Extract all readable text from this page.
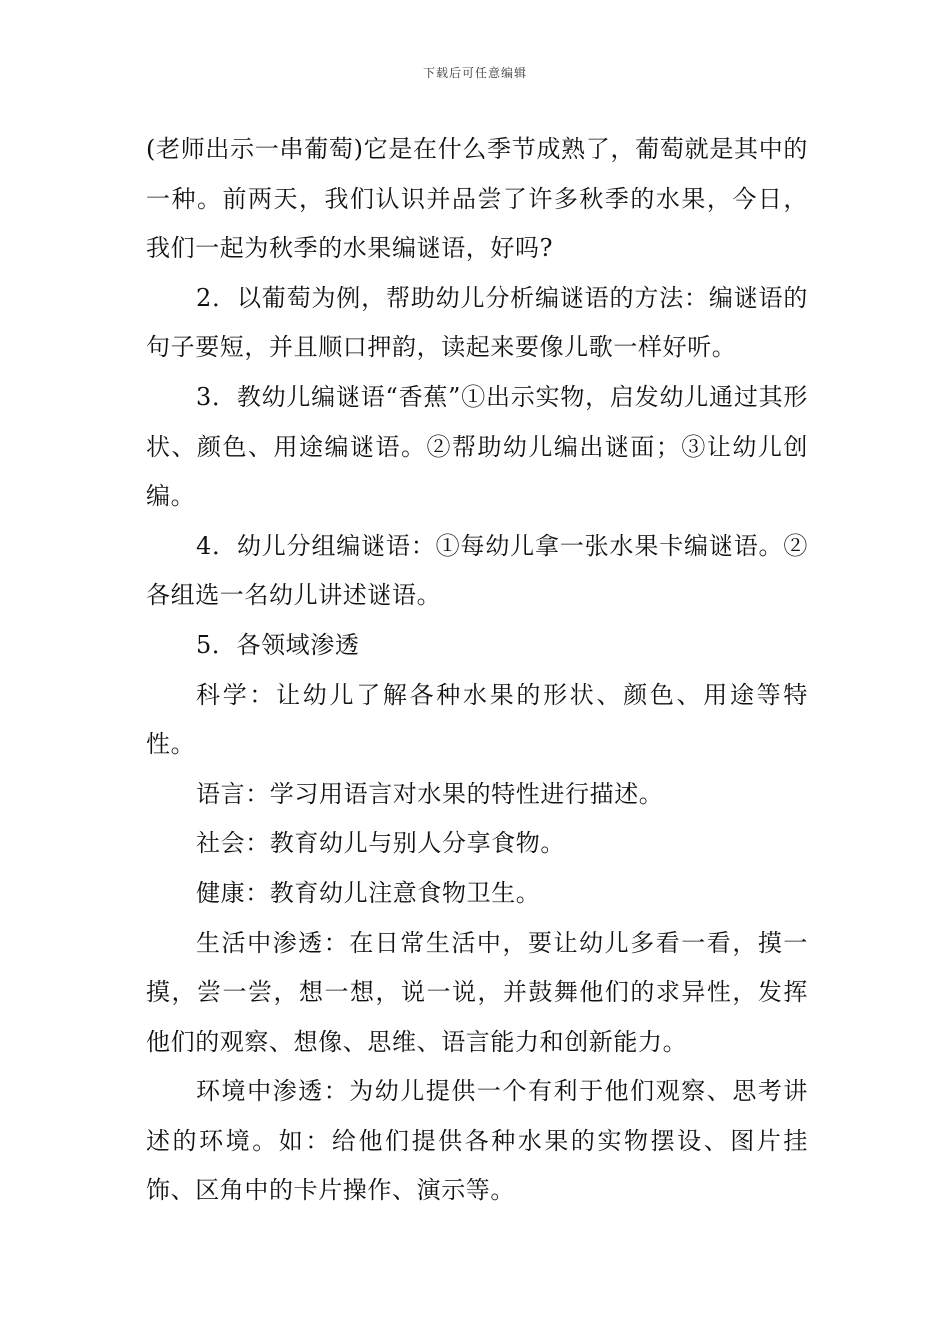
下载后可任意编辑

(老师出示一串葡萄)它是在什么季节成熟了，葡萄就是其中的一种。前两天，我们认识并品尝了许多秋季的水果，今日，我们一起为秋季的水果编谜语，好吗?

2．以葡萄为例，帮助幼儿分析编谜语的方法：编谜语的句子要短，并且顺口押韵，读起来要像儿歌一样好听。

3．教幼儿编谜语“香蕉”①出示实物，启发幼儿通过其形状、颜色、用途编谜语。②帮助幼儿编出谜面；③让幼儿创编。

4．幼儿分组编谜语：①每幼儿拿一张水果卡编谜语。②各组选一名幼儿讲述谜语。

5．各领域渗透

科学：让幼儿了解各种水果的形状、颜色、用途等特性。

语言：学习用语言对水果的特性进行描述。

社会：教育幼儿与别人分享食物。

健康：教育幼儿注意食物卫生。

生活中渗透：在日常生活中，要让幼儿多看一看，摸一摸，尝一尝，想一想，说一说，并鼓舞他们的求异性，发挥他们的观察、想像、思维、语言能力和创新能力。

环境中渗透：为幼儿提供一个有利于他们观察、思考讲述的环境。如：给他们提供各种水果的实物摆设、图片挂饰、区角中的卡片操作、演示等。
